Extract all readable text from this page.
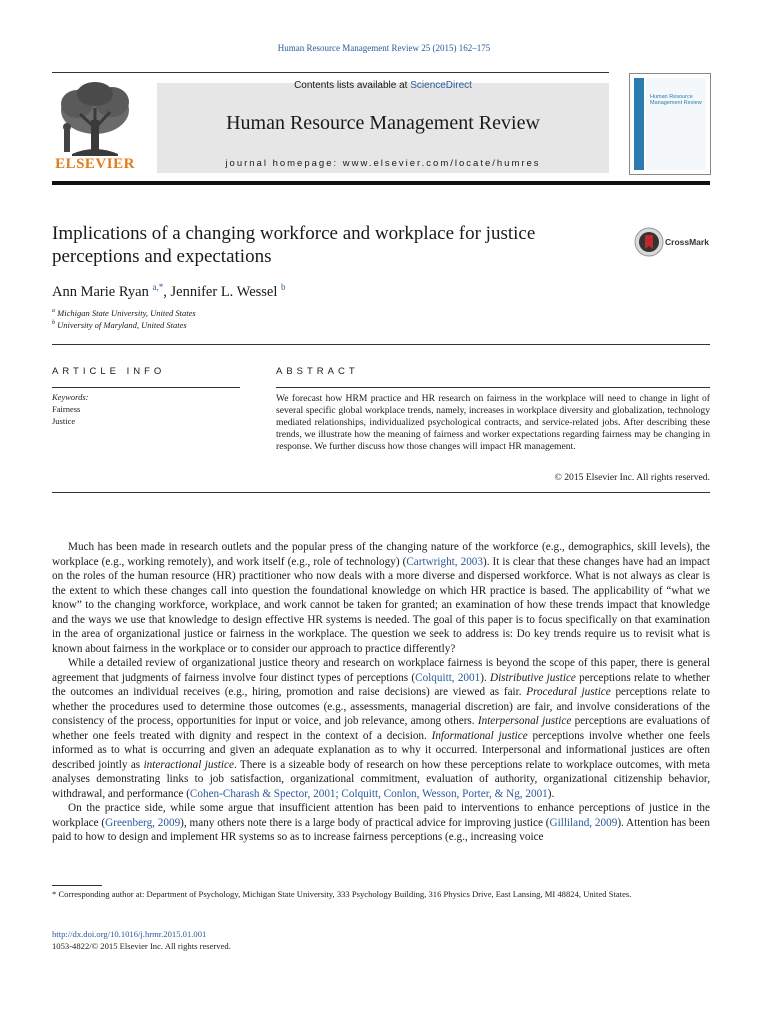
Human Resource Management Review 25 (2015) 162–175
ELSEVIER
Contents lists available at ScienceDirect
Human Resource Management Review
journal homepage: www.elsevier.com/locate/humres
Human Resource Management Review
Implications of a changing workforce and workplace for justice perceptions and expectations
CrossMark
Ann Marie Ryan $^{a,*}$, Jennifer L. Wessel $^b$
$^a$ Michigan State University, United States
$^b$ University of Maryland, United States
ARTICLE INFO	ABSTRACT
Keywords:
Fairness
Justice
We forecast how HRM practice and HR research on fairness in the workplace will need to change in light of several specific global workplace trends, namely, increases in workplace diversity and globalization, technology mediated relationships, individualized psychological contracts, and service-related jobs. After describing these trends, we illustrate how the meaning of fairness and worker expectations regarding fairness may be changing in response. We further discuss how those changes will impact HR management.
© 2015 Elsevier Inc. All rights reserved.

Much has been made in research outlets and the popular press of the changing nature of the workforce (e.g., demographics, skill levels), the workplace (e.g., working remotely), and work itself (e.g., role of technology) (Cartwright, 2003). It is clear that these changes have had an impact on the roles of the human resource (HR) practitioner who now deals with a more diverse and dispersed workforce. What is not always as clear is the extent to which these changes call into question the foundational knowledge on which HR practice is based. The applicability of “what we know” to the changing workforce, workplace, and work cannot be taken for granted; an examination of how these trends impact that knowledge and the ways we use that knowledge to design effective HR systems is needed. The goal of this paper is to focus specifically on that examination in the area of organizational justice or fairness in the workplace. The question we seek to address is: Do key trends require us to revisit what is known about fairness in the workplace or to consider our approach to practice differently?

While a detailed review of organizational justice theory and research on workplace fairness is beyond the scope of this paper, there is general agreement that judgments of fairness involve four distinct types of perceptions (Colquitt, 2001). Distributive justice perceptions relate to whether the outcomes an individual receives (e.g., hiring, promotion and raise decisions) are viewed as fair. Procedural justice perceptions relate to whether the procedures used to determine those outcomes (e.g., assessments, managerial discretion) are fair, and involve considerations of the consistency of the process, opportunities for input or voice, and job relevance, among others. Interpersonal justice perceptions are evaluations of whether one feels treated with dignity and respect in the context of a decision. Informational justice perceptions involve whether one feels informed as to what is occurring and given an adequate explanation as to why it occurred. Interpersonal and informational justices are often described jointly as interactional justice. There is a sizeable body of research on how these perceptions relate to workplace outcomes, with meta analyses demonstrating links to job satisfaction, organizational commitment, evaluation of authority, organizational citizenship behavior, withdrawal, and performance (Cohen-Charash & Spector, 2001; Colquitt, Conlon, Wesson, Porter, & Ng, 2001).

On the practice side, while some argue that insufficient attention has been paid to interventions to enhance perceptions of justice in the workplace (Greenberg, 2009), many others note there is a large body of practical advice for improving justice (Gilliland, 2009). Attention has been paid to how to design and implement HR systems so as to increase fairness perceptions (e.g., increasing voice

* Corresponding author at: Department of Psychology, Michigan State University, 333 Psychology Building, 316 Physics Drive, East Lansing, MI 48824, United States.
http://dx.doi.org/10.1016/j.hrmr.2015.01.001
1053-4822/© 2015 Elsevier Inc. All rights reserved.
